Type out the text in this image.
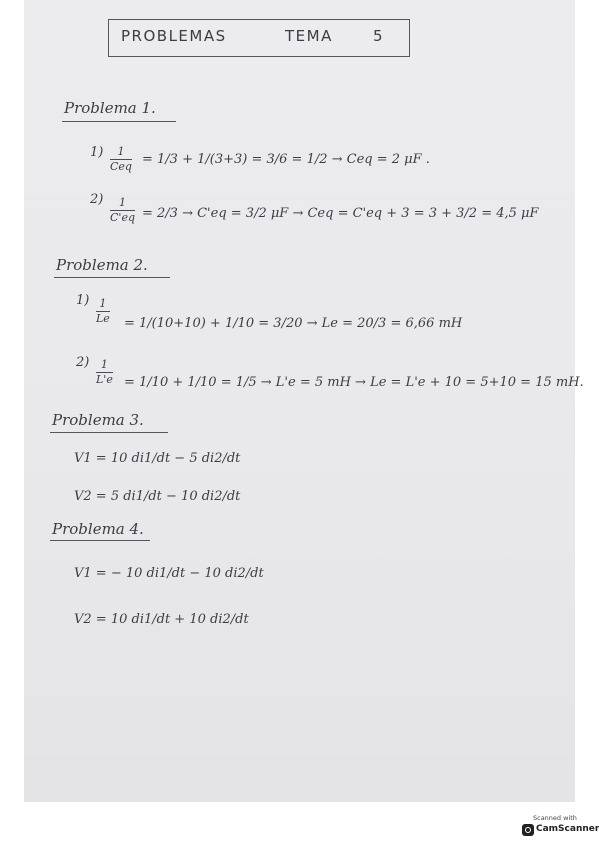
PROBLEMAS	TEMA	5
Problema 1.
1) 1
Ceq = 1/3 + 1/(3+3) = 3/6 = 1/2 → Ceq = 2 μF .
2) 1
C'eq = 2/3 → C'eq = 3/2 μF → Ceq = C'eq + 3 = 3 + 3/2 = 4,5 μF
Problema 2.
1) 1
Le = 1/(10+10) + 1/10 = 3/20 → Le = 20/3 = 6,66 mH
2) 1
L'e = 1/10 + 1/10 = 1/5 → L'e = 5 mH → Le = L'e + 10 = 5+10 = 15 mH.
Problema 3.
V1 = 10 di1/dt − 5 di2/dt
V2 = 5 di1/dt − 10 di2/dt
Problema 4.
V1 = − 10 di1/dt − 10 di2/dt
V2 = 10 di1/dt + 10 di2/dt
Scanned with
CamScanner
